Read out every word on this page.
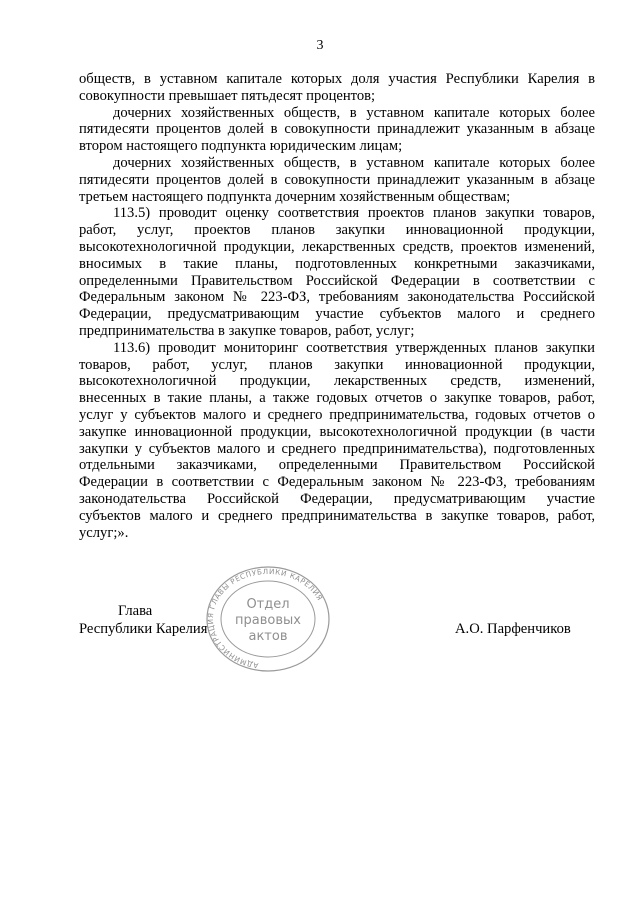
3

обществ, в уставном капитале которых доля участия Республики Карелия в

совокупности превышает пятьдесят процентов;

дочерних хозяйственных обществ, в уставном капитале которых более

пятидесяти процентов долей в совокупности принадлежит указанным в абзаце

втором настоящего подпункта юридическим лицам;

дочерних хозяйственных обществ, в уставном капитале которых более

пятидесяти процентов долей в совокупности принадлежит указанным в абзаце

третьем настоящего подпункта дочерним хозяйственным обществам;

113.5) проводит оценку соответствия проектов планов закупки товаров,

работ, услуг, проектов планов закупки инновационной продукции,

высокотехнологичной продукции, лекарственных средств, проектов изменений,

вносимых в такие планы, подготовленных конкретными заказчиками,

определенными Правительством Российской Федерации в соответствии с

Федеральным законом № 223-ФЗ, требованиям законодательства Российской

Федерации, предусматривающим участие субъектов малого и среднего

предпринимательства в закупке товаров, работ, услуг;

113.6) проводит мониторинг соответствия утвержденных планов закупки

товаров, работ, услуг, планов закупки инновационной продукции,

высокотехнологичной продукции, лекарственных средств, изменений,

внесенных в такие планы, а также годовых отчетов о закупке товаров, работ,

услуг у субъектов малого и среднего предпринимательства, годовых отчетов о

закупке инновационной продукции, высокотехнологичной продукции (в части

закупки у субъектов малого и среднего предпринимательства), подготовленных

отдельными заказчиками, определенными Правительством Российской

Федерации в соответствии с Федеральным законом № 223-ФЗ, требованиям

законодательства Российской Федерации, предусматривающим участие

субъектов малого и среднего предпринимательства в закупке товаров, работ,

услуг;».

АДМИНИСТРАЦИЯ ГЛАВЫ РЕСПУБЛИКИ КАРЕЛИЯ
Отдел
правовых
актов
Глава
Республики Карелия	А.О. Парфенчиков
